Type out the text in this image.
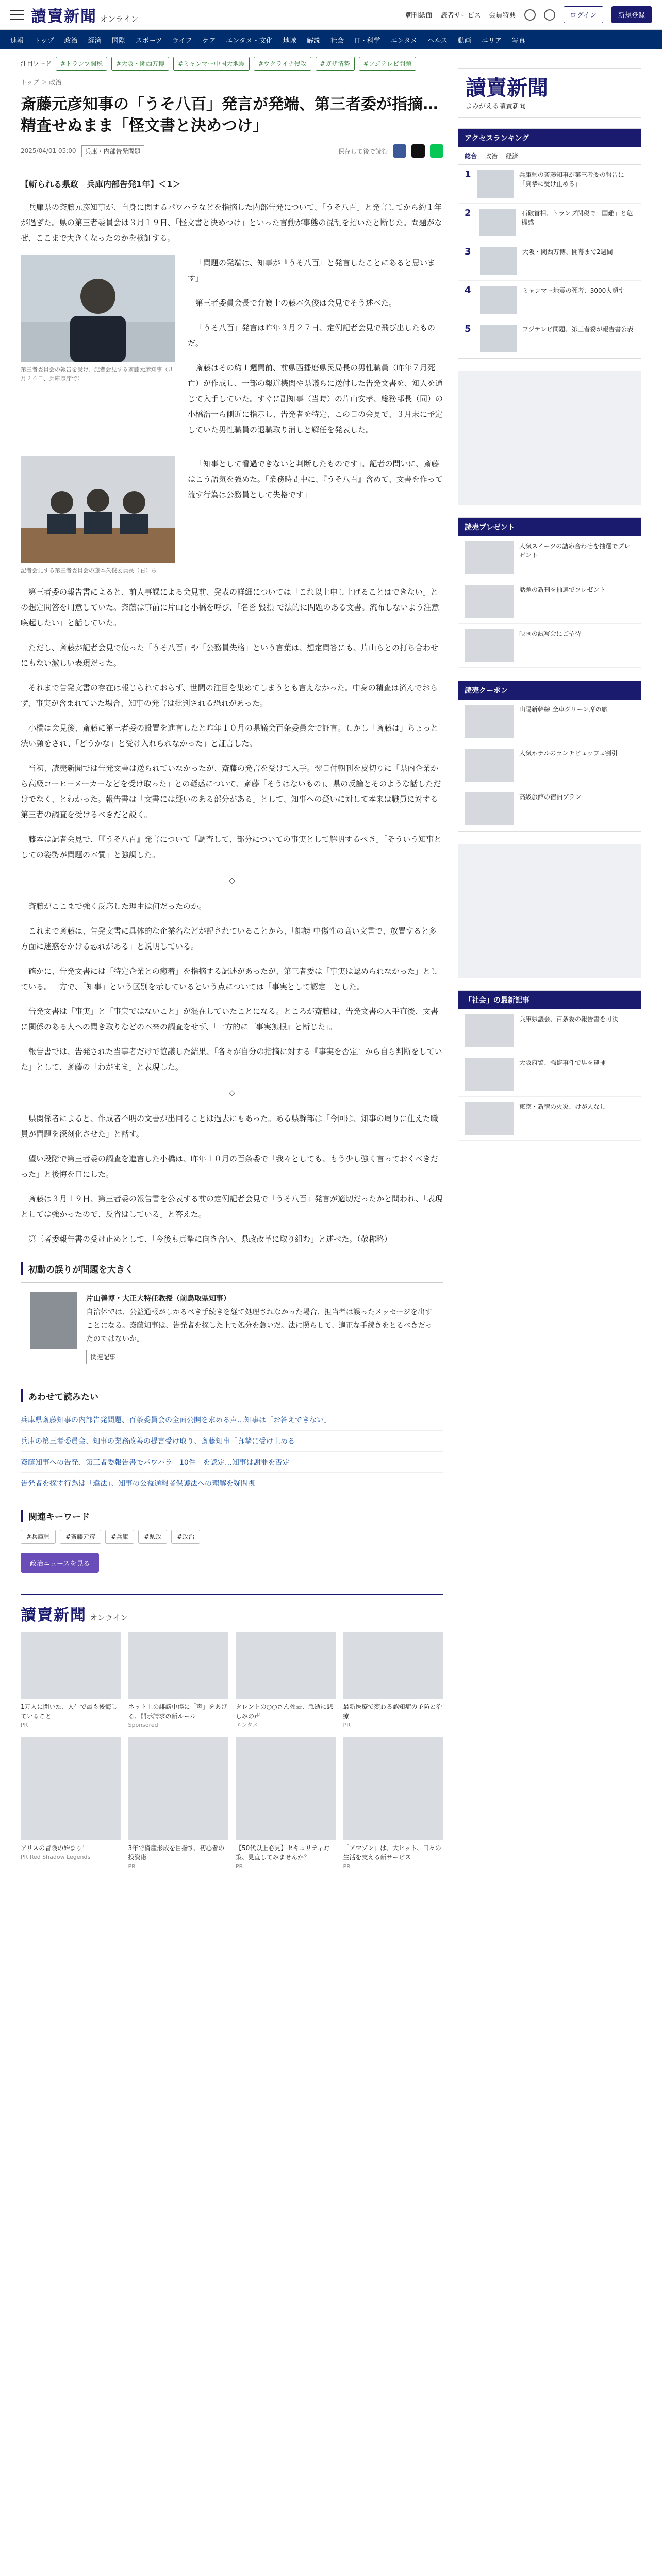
讀賣新聞 オンライン	朝刊紙面 読者サービス 会員特典	ログイン	新規登録
速報 トップ 政治 経済 国際 スポーツ ライフ ケア エンタメ・文化 地域 解説 社会 IT・科学 エンタメ ヘルス 動画 エリア 写真
注目ワード	#トランプ関税	#大阪・関西万博	#ミャンマー中国大地震	#ウクライナ侵攻	#ガザ情勢	#フジテレビ問題
トップ ＞ 政治
斎藤元彦知事の「うそ八百」発言が発端、第三者委が指摘…精査せぬまま「怪文書と決めつけ」
2025/04/01 05:00	兵庫・内部告発問題	保存して後で読む
【斬られる県政　兵庫内部告発1年】＜1＞

兵庫県の斎藤元彦知事が、自身に関するパワハラなどを指摘した内部告発について、「うそ八百」と発言してから約１年が過ぎた。県の第三者委員会は３月１９日、「怪文書と決めつけ」といった言動が事態の混乱を招いたと断じた。問題がなぜ、ここまで大きくなったのかを検証する。

第三者委員会の報告を受け、記者会見する斎藤元彦知事（３月２６日、兵庫県庁で）

「問題の発端は、知事が『うそ八百』と発言したことにあると思います」

第三者委員会長で弁護士の藤本久俊は会見でそう述べた。

「うそ八百」発言は昨年３月２７日、定例記者会見で飛び出したものだ。

斎藤はその約１週間前、前県西播磨県民局長の男性職員（昨年７月死亡）が作成し、一部の報道機関や県議らに送付した告発文書を、知人を通じて入手していた。すぐに副知事（当時）の片山安孝、総務部長（同）の小橋浩一ら側近に指示し、告発者を特定、この日の会見で、３月末に予定していた男性職員の退職取り消しと解任を発表した。

記者会見する第三者委員会の藤本久俊委員長（右）ら

「知事として看過できないと判断したものです」。記者の問いに、斎藤はこう語気を強めた。「業務時間中に、『うそ八百』含めて、文書を作って流す行為は公務員として失格です」

第三者委の報告書によると、前人事課による会見前、発表の詳細については「これ以上申し上げることはできない」との想定問答を用意していた。斎藤は事前に片山と小橋を呼び、「名誉 毀損 で法的に問題のある文書。流布しないよう注意喚起したい」と話していた。

ただし、斎藤が記者会見で使った「うそ八百」や「公務員失格」という言葉は、想定問答にも、片山らとの打ち合わせにもない激しい表現だった。

それまで告発文書の存在は報じられておらず、世間の注目を集めてしまうとも言えなかった。中身の精査は済んでおらず、事実が含まれていた場合、知事の発言は批判される恐れがあった。

小橋は会見後、斎藤に第三者委の設置を進言したと昨年１０月の県議会百条委員会で証言。しかし「斎藤は」ちょっと渋い顔をされ、「どうかな」と受け入れられなかった」と証言した。

当初、読売新聞では告発文書は送られていなかったが、斎藤の発言を受けて入手。翌日付朝刊を皮切りに「県内企業から高級コーヒーメーカーなどを受け取った」との疑惑について、斎藤「そうはないもの」、県の反論とそのような話しただけでなく、とわかった。報告書は「文書には疑いのある部分がある」として、知事への疑いに対して本来は職員に対する第三者の調査を受けるべきだと説く。

藤本は記者会見で、「『うそ八百』発言について「調査して、部分についての事実として解明するべき」「そういう知事としての姿勢が問題の本質」と強調した。

◇

斎藤がここまで強く反応した理由は何だったのか。

これまで斎藤は、告発文書に具体的な企業名などが記されていることから、「誹謗 中傷性の高い文書で、放置すると多方面に迷惑をかける恐れがある」と説明している。

確かに、告発文書には「特定企業との癒着」を指摘する記述があったが、第三者委は「事実は認められなかった」としている。一方で、「知事」という区別を示しているという点については「事実として認定」とした。

告発文書は「事実」と「事実ではないこと」が混在していたことになる。ところが斎藤は、告発文書の入手直後、文書に関係のある人への聞き取りなどの本来の調査をせず、「一方的に『事実無根』と断じた」。

報告書では、告発された当事者だけで協議した結果、「各々が自分の指摘に対する『事実を否定』から自ら判断をしていた」として、斎藤の「わがまま」と表現した。

◇

県関係者によると、作成者不明の文書が出回ることは過去にもあった。ある県幹部は「今回は、知事の周りに仕えた職員が問題を深刻化させた」と話す。

望い段階で第三者委の調査を進言した小橋は、昨年１０月の百条委で「我々としても、もう少し強く言っておくべきだった」と後悔を口にした。

斎藤は３月１９日、第三者委の報告書を公表する前の定例記者会見で「うそ八百」発言が適切だったかと問われ、「表現としては強かったので、反省はしている」と答えた。

第三者委報告書の受け止めとして、「今後も真摯に向き合い、県政改革に取り組む」と述べた。（敬称略）

初動の誤りが問題を大きく
片山善博・大正大特任教授（前鳥取県知事）
自治体では、公益通報がしかるべき手続きを経て処理されなかった場合、担当者は誤ったメッセージを出すことになる。斎藤知事は、告発者を探した上で処分を急いだ。法に照らして、適正な手続きをとるべきだったのではないか。
関連記事
あわせて読みたい
兵庫県斎藤知事の内部告発問題、百条委員会の全面公開を求める声…知事は「お答えできない」
兵庫の第三者委員会、知事の業務改善の提言受け取り、斎藤知事「真摯に受け止める」
斎藤知事への告発、第三者委報告書でパワハラ「10件」を認定…知事は謝罪を否定
告発者を探す行為は「違法」、知事の公益通報者保護法への理解を疑問視
関連キーワード
#兵庫県	#斎藤元彦	#兵庫	#県政	#政治
政治ニュースを見る
讀賣新聞 オンライン
1万人に聞いた、人生で最も後悔していること
PR
ネット上の誹謗中傷に「声」をあげる、開示請求の新ルール
Sponsored
タレントの○○さん死去、急逝に悲しみの声
エンタメ
最新医療で変わる認知症の予防と治療
PR
アリスの冒険の始まり！
PR Red Shadow Legends
3年で資産形成を目指す、初心者の投資術
PR
【50代以上必見】セキュリティ対策、見直してみませんか？
PR
「アマゾン」は、大ヒット、日々の生活を支える新サービス
PR
讀賣新聞
よみがえる讀賣新聞
アクセスランキング
総合 政治 経済
1	兵庫県の斎藤知事が第三者委の報告に「真摯に受け止める」
2	石破首相、トランプ関税で「国難」と危機感
3	大阪・関西万博、開幕まで2週間
4	ミャンマー地震の死者、3000人超す
5	フジテレビ問題、第三者委が報告書公表
読売プレゼント
人気スイーツの詰め合わせを抽選でプレゼント
話題の新刊を抽選でプレゼント
映画の試写会にご招待
読売クーポン
山陽新幹線 全車グリーン席の旅
人気ホテルのランチビュッフェ割引
高級旅館の宿泊プラン
「社会」の最新記事
兵庫県議会、百条委の報告書を可決
大阪府警、強盗事件で男を逮捕
東京・新宿の火災、けが人なし
